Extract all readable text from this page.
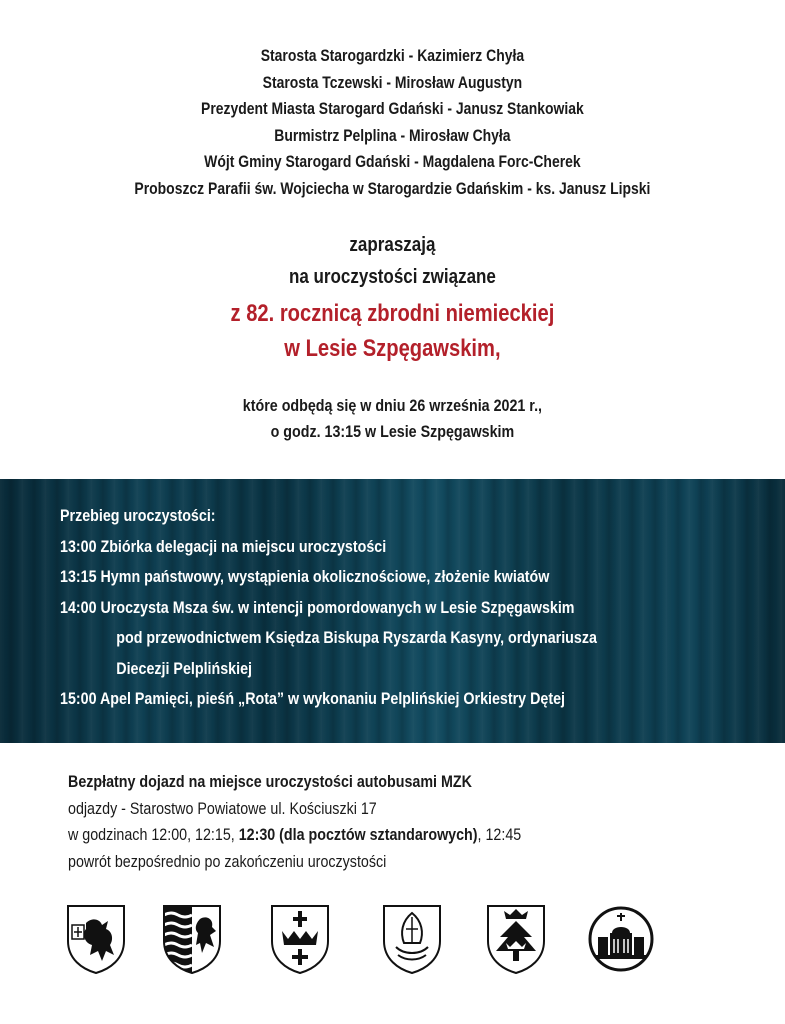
Starosta Starogardzki - Kazimierz Chyła
Starosta Tczewski - Mirosław Augustyn
Prezydent Miasta Starogard Gdański - Janusz Stankowiak
Burmistrz Pelplina - Mirosław Chyła
Wójt Gminy Starogard Gdański - Magdalena Forc-Cherek
Proboszcz Parafii św. Wojciecha w Starogardzie Gdańskim - ks. Janusz Lipski
zapraszają
na uroczystości związane
z 82. rocznicą zbrodni niemieckiej
w Lesie Szpęgawskim,
które odbędą się w dniu 26 września 2021 r.,
o godz. 13:15 w Lesie Szpęgawskim
Przebieg uroczystości:
13:00 Zbiórka delegacji na miejscu uroczystości
13:15 Hymn państwowy, wystąpienia okolicznościowe, złożenie kwiatów
14:00 Uroczysta Msza św. w intencji pomordowanych w Lesie Szpęgawskim
pod przewodnictwem Księdza Biskupa Ryszarda Kasyny, ordynariusza
Diecezji Pelplińskiej
15:00 Apel Pamięci, pieśń „Rota” w wykonaniu Pelplińskiej Orkiestry Dętej
Bezpłatny dojazd na miejsce uroczystości autobusami MZK
odjazdy - Starostwo Powiatowe ul. Kościuszki 17
w godzinach 12:00, 12:15, 12:30 (dla pocztów sztandarowych), 12:45
powrót bezpośrednio po zakończeniu uroczystości
